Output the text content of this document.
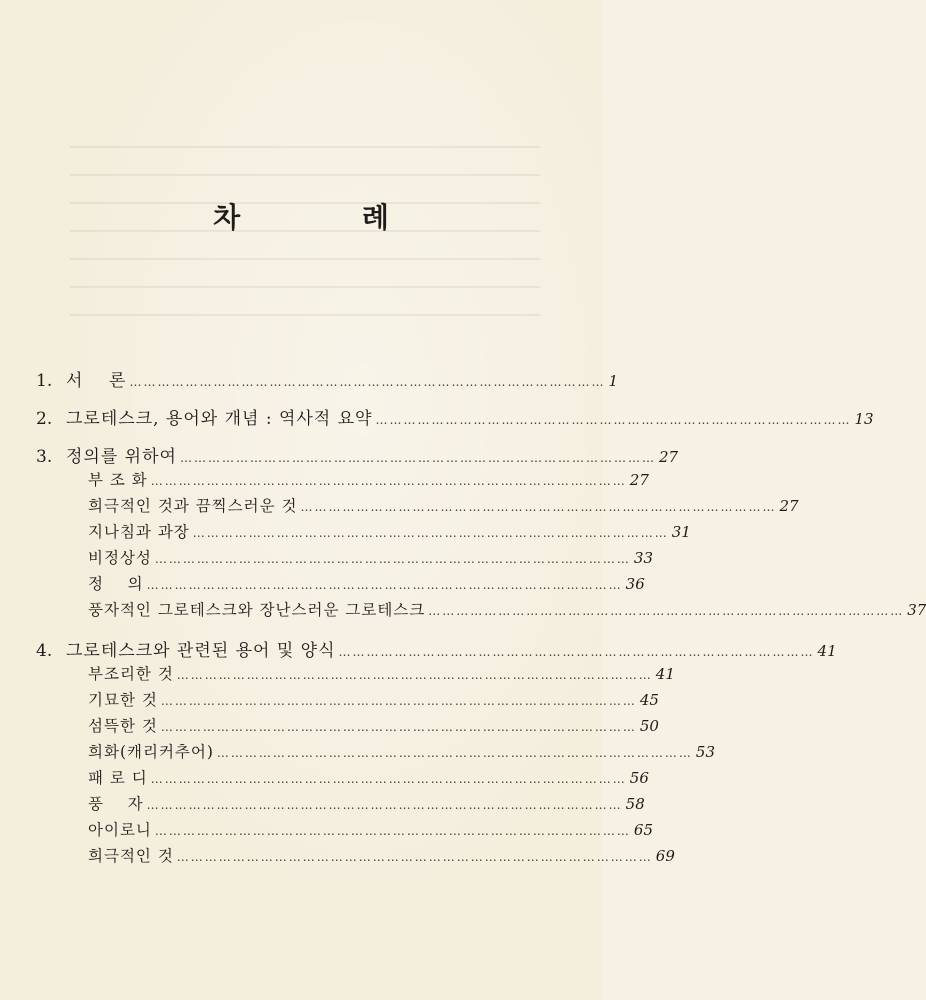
차 례
1. 서    론 ………………………………………………………………………………………… 1
2. 그로테스크, 용어와 개념 : 역사적 요약 ………………………………………………………………………………………… 13
3. 정의를 위하여 ………………………………………………………………………………………… 27
부 조 화 ………………………………………………………………………………………… 27
희극적인 것과 끔찍스러운 것 ………………………………………………………………………………………… 27
지나침과 과장 ………………………………………………………………………………………… 31
비정상성 ………………………………………………………………………………………… 33
정    의 ………………………………………………………………………………………… 36
풍자적인 그로테스크와 장난스러운 그로테스크 ………………………………………………………………………………………… 37
4. 그로테스크와 관련된 용어 및 양식 ………………………………………………………………………………………… 41
부조리한 것 ………………………………………………………………………………………… 41
기묘한 것 ………………………………………………………………………………………… 45
섬뜩한 것 ………………………………………………………………………………………… 50
희화(캐리커추어) ………………………………………………………………………………………… 53
패 로 디 ………………………………………………………………………………………… 56
풍    자 ………………………………………………………………………………………… 58
아이로니 ………………………………………………………………………………………… 65
희극적인 것 ………………………………………………………………………………………… 69
